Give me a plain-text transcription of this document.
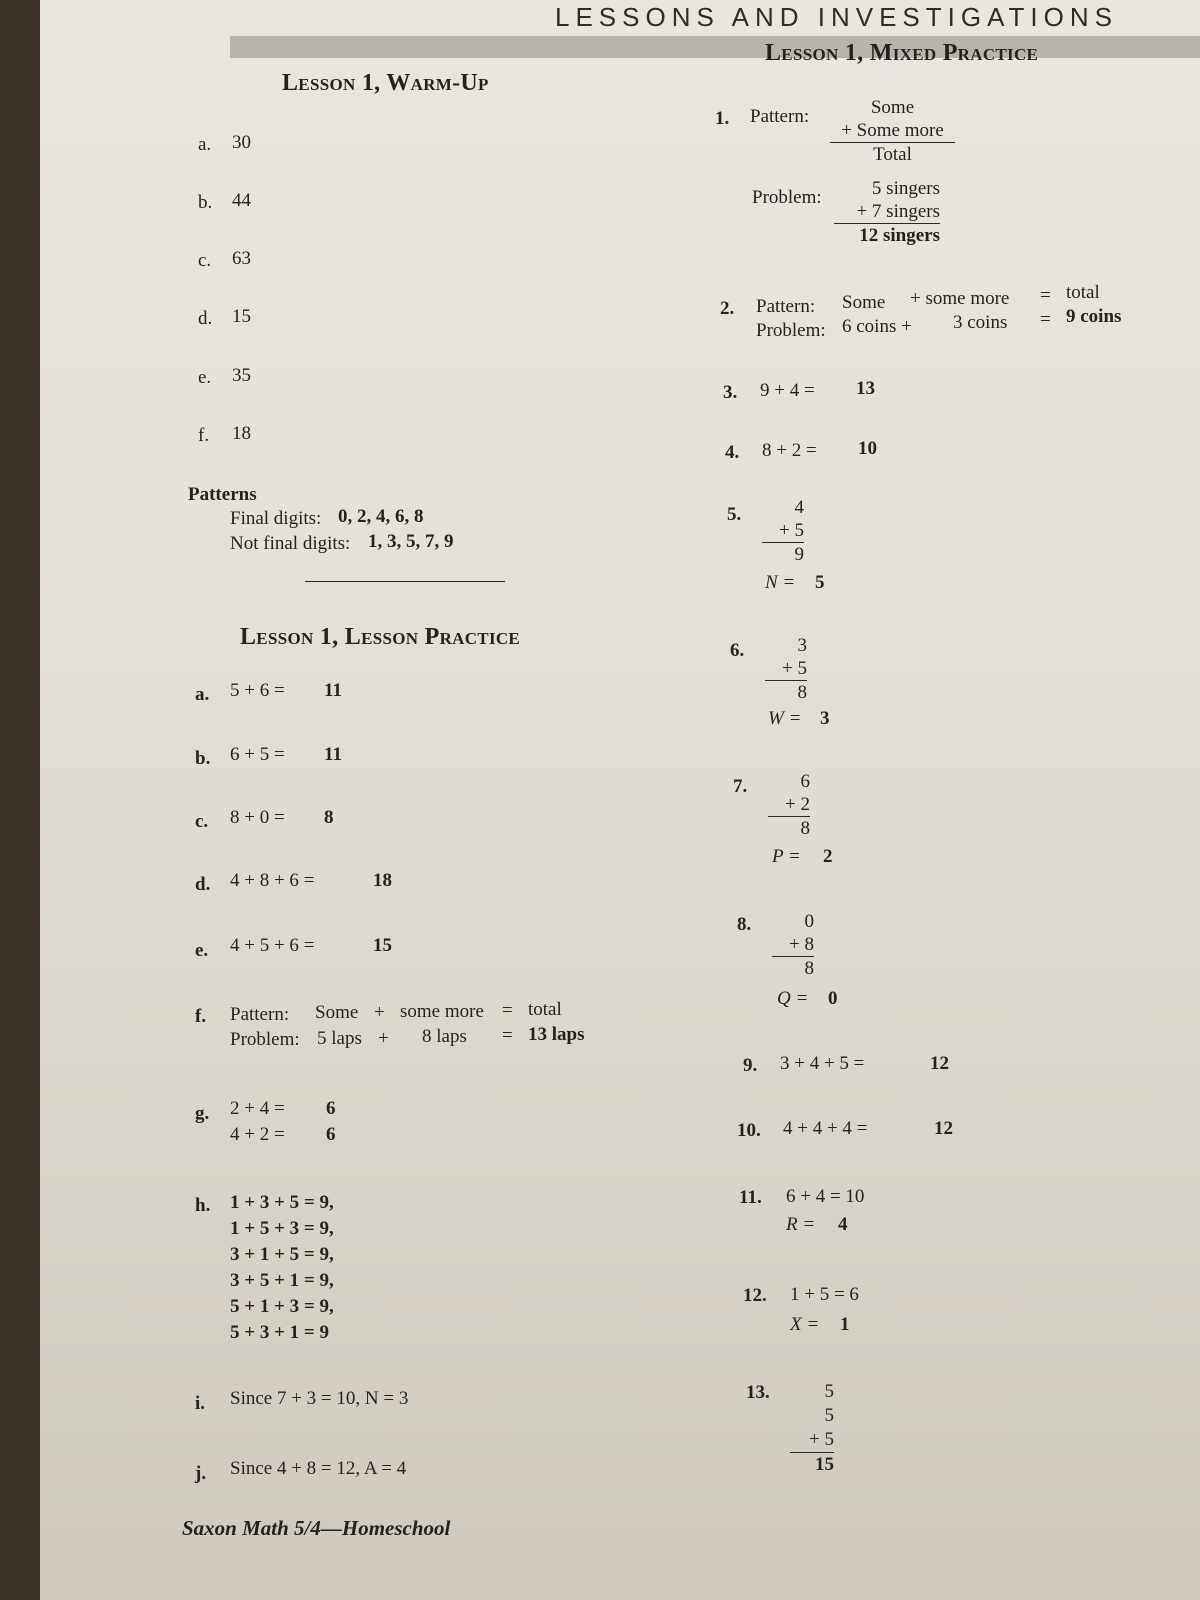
LESSONS AND INVESTIGATIONS
Lesson 1, Warm-Up
a. 30
b. 44
c. 63
d. 15
e. 35
f. 18
Patterns
Final digits: 0, 2, 4, 6, 8
Not final digits: 1, 3, 5, 7, 9
Lesson 1, Lesson Practice
a. 5 + 6 = 11
b. 6 + 5 = 11
c. 8 + 0 = 8
d. 4 + 8 + 6 =	18
e. 4 + 5 + 6 =	15
f. Pattern: Some + some more = total
Problem: 5 laps + 8 laps = 13 laps
g. 2 + 4 = 6
4 + 2 = 6
h. 1 + 3 + 5 = 9,
1 + 5 + 3 = 9,
3 + 1 + 5 = 9,
3 + 5 + 1 = 9,
5 + 1 + 3 = 9,
5 + 3 + 1 = 9
i. Since 7 + 3 = 10, N = 3
j. Since 4 + 8 = 12, A = 4
Saxon Math 5/4—Homeschool
Lesson 1, Mixed Practice
1. Pattern:	Some
+ Some more
Total
Problem:	5 singers
+ 7 singers
12 singers
2. Pattern: Some + some more = total
Problem: 6 coins + 3 coins = 9 coins
3. 9 + 4 = 13
4. 8 + 2 = 10
5.	4
+ 5
9
N = 5
6.	3
+ 5
8
W = 3
7.	6
+ 2
8
P = 2
8.	0
+ 8
8
Q = 0
9. 3 + 4 + 5 =	12
10. 4 + 4 + 4 =	12
11. 6 + 4 = 10
R = 4
12. 1 + 5 = 6
X = 1
13.	5
5
+ 5
15
